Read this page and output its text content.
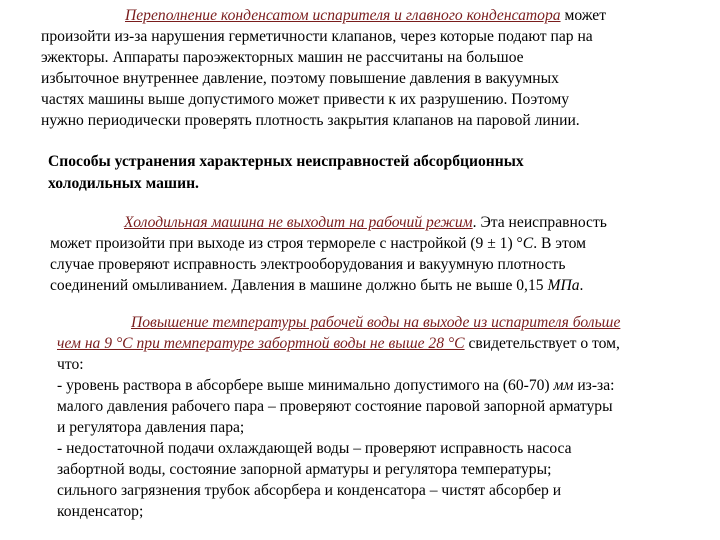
Переполнение конденсатом испарителя и главного конденсатора может
произойти из-за нарушения герметичности клапанов, через которые подают пар на
эжекторы. Аппараты пароэжекторных машин не рассчитаны на большое
избыточное внутреннее давление, поэтому повышение давления в вакуумных
частях машины выше допустимого может привести к их разрушению. Поэтому
нужно периодически проверять плотность закрытия клапанов на паровой линии.
Способы устранения характерных неисправностей абсорбционных
холодильных машин.
Холодильная машина не выходит на рабочий режим. Эта неисправность
может произойти при выходе из строя термореле с настройкой (9 ± 1) °С. В этом
случае проверяют исправность электрооборудования и вакуумную плотность
соединений омыливанием. Давления в машине должно быть не выше 0,15 МПа.
Повышение температуры рабочей воды на выходе из испарителя больше
чем на 9 °С при температуре забортной воды не выше 28 °С свидетельствует о том,
что:
- уровень раствора в абсорбере выше минимально допустимого на (60-70) мм из-за:
малого давления рабочего пара – проверяют состояние паровой запорной арматуры
и регулятора давления пара;
- недостаточной подачи охлаждающей воды – проверяют исправность насоса
забортной воды, состояние запорной арматуры и регулятора температуры;
сильного загрязнения трубок абсорбера и конденсатора – чистят абсорбер и
конденсатор;
